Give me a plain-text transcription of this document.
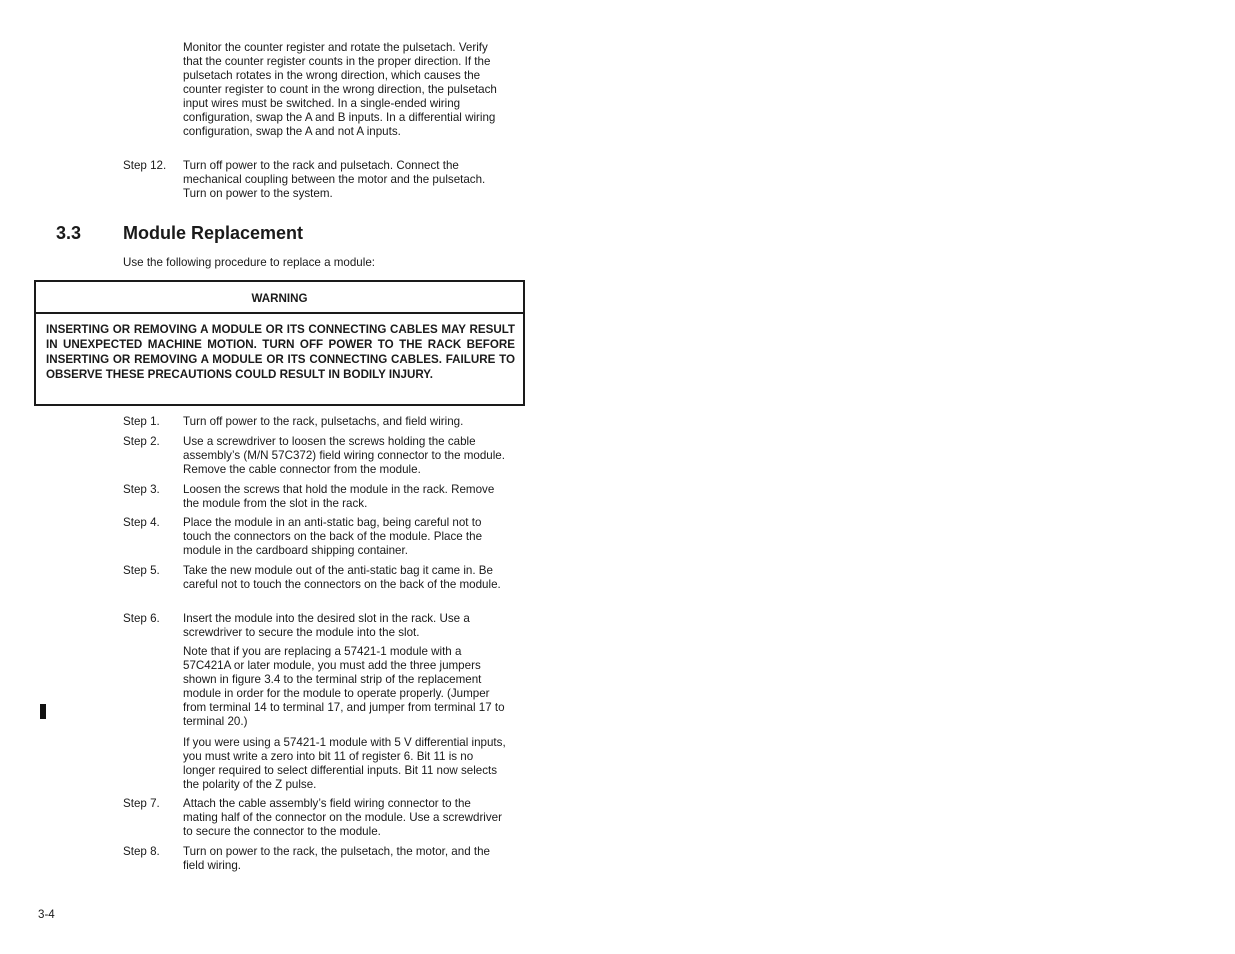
Monitor the counter register and rotate the pulsetach. Verify that the counter register counts in the proper direction. If the pulsetach rotates in the wrong direction, which causes the counter register to count in the wrong direction, the pulsetach input wires must be switched. In a single-ended wiring configuration, swap the A and B inputs. In a differential wiring configuration, swap the A and not A inputs.

Step 12.	Turn off power to the rack and pulsetach. Connect the mechanical coupling between the motor and the pulsetach. Turn on power to the system.
3.3 Module Replacement
Use the following procedure to replace a module:
WARNING
INSERTING OR REMOVING A MODULE OR ITS CONNECTING CABLES MAY RESULT IN UNEXPECTED MACHINE MOTION. TURN OFF POWER TO THE RACK BEFORE INSERTING OR REMOVING A MODULE OR ITS CONNECTING CABLES. FAILURE TO OBSERVE THESE PRECAUTIONS COULD RESULT IN BODILY INJURY.
Step 1.	Turn off power to the rack, pulsetachs, and field wiring.
Step 2.	Use a screwdriver to loosen the screws holding the cable assembly’s (M/N 57C372) field wiring connector to the module. Remove the cable connector from the module.
Step 3.	Loosen the screws that hold the module in the rack. Remove the module from the slot in the rack.
Step 4.	Place the module in an anti-static bag, being careful not to touch the connectors on the back of the module. Place the module in the cardboard shipping container.
Step 5.	Take the new module out of the anti-static bag it came in. Be careful not to touch the connectors on the back of the module.
Step 6.	Insert the module into the desired slot in the rack. Use a screwdriver to secure the module into the slot.

Note that if you are replacing a 57421-1 module with a 57C421A or later module, you must add the three jumpers shown in figure 3.4 to the terminal strip of the replacement module in order for the module to operate properly. (Jumper from terminal 14 to terminal 17, and jumper from terminal 17 to terminal 20.)

If you were using a 57421-1 module with 5 V differential inputs, you must write a zero into bit 11 of register 6. Bit 11 is no longer required to select differential inputs. Bit 11 now selects the polarity of the Z pulse.

Step 7.	Attach the cable assembly’s field wiring connector to the mating half of the connector on the module. Use a screwdriver to secure the connector to the module.
Step 8.	Turn on power to the rack, the pulsetach, the motor, and the field wiring.
3-4
